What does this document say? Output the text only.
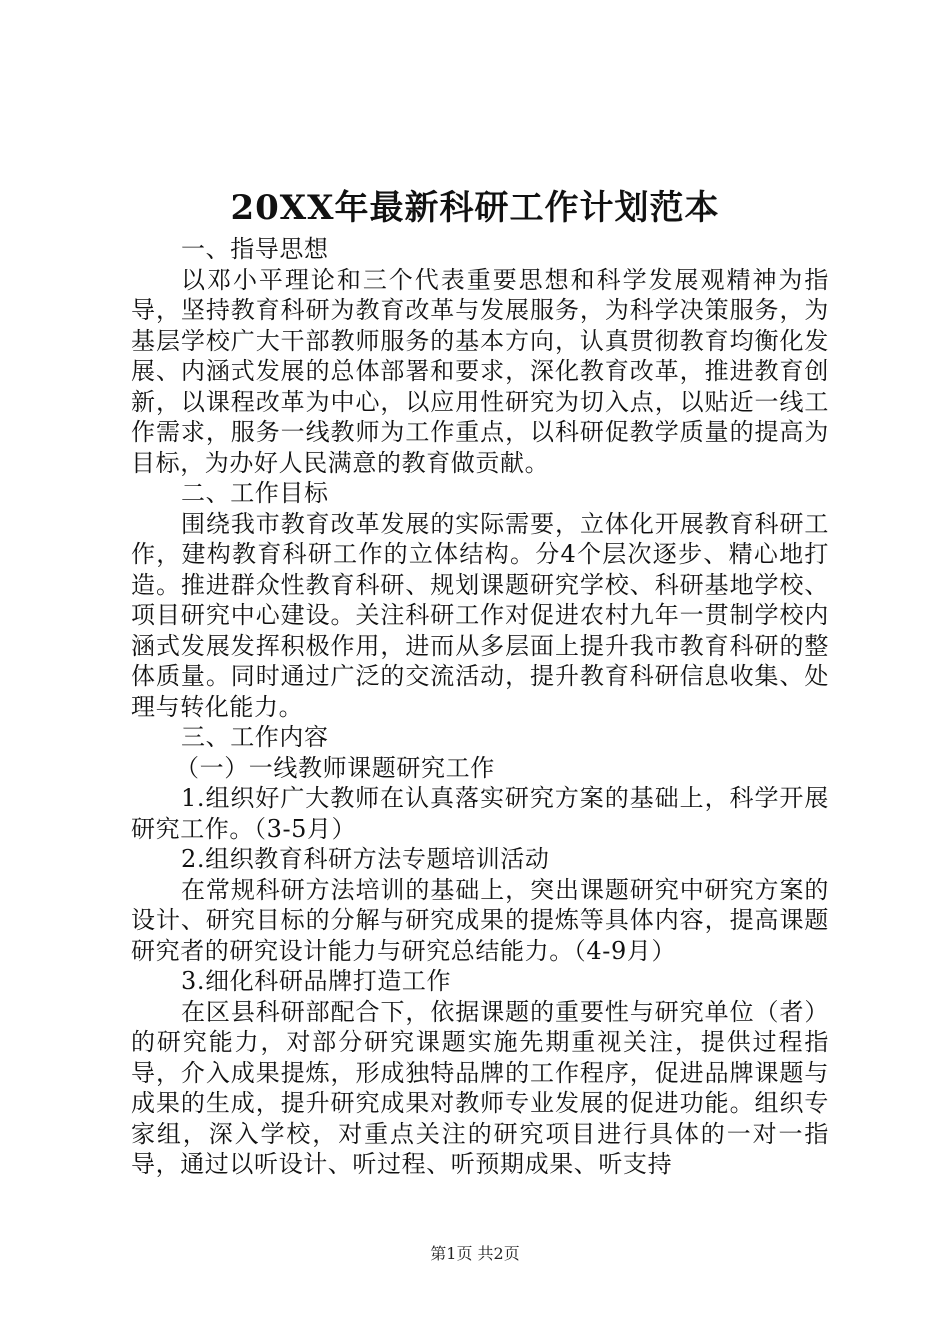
20XX年最新科研工作计划范本

一、指导思想

以邓小平理论和三个代表重要思想和科学发展观精神为指导，坚持教育科研为教育改革与发展服务，为科学决策服务，为基层学校广大干部教师服务的基本方向，认真贯彻教育均衡化发展、内涵式发展的总体部署和要求，深化教育改革，推进教育创新，以课程改革为中心，以应用性研究为切入点，以贴近一线工作需求，服务一线教师为工作重点，以科研促教学质量的提高为目标，为办好人民满意的教育做贡献。

二、工作目标

围绕我市教育改革发展的实际需要，立体化开展教育科研工作，建构教育科研工作的立体结构。分4个层次逐步、精心地打造。推进群众性教育科研、规划课题研究学校、科研基地学校、项目研究中心建设。关注科研工作对促进农村九年一贯制学校内涵式发展发挥积极作用，进而从多层面上提升我市教育科研的整体质量。同时通过广泛的交流活动，提升教育科研信息收集、处理与转化能力。

三、工作内容

（一）一线教师课题研究工作

1.组织好广大教师在认真落实研究方案的基础上，科学开展研究工作。（3-5月）

2.组织教育科研方法专题培训活动

在常规科研方法培训的基础上，突出课题研究中研究方案的设计、研究目标的分解与研究成果的提炼等具体内容，提高课题研究者的研究设计能力与研究总结能力。（4-9月）

3.细化科研品牌打造工作

在区县科研部配合下，依据课题的重要性与研究单位（者）的研究能力，对部分研究课题实施先期重视关注，提供过程指导，介入成果提炼，形成独特品牌的工作程序，促进品牌课题与成果的生成，提升研究成果对教师专业发展的促进功能。组织专家组，深入学校，对重点关注的研究项目进行具体的一对一指导，通过以听设计、听过程、听预期成果、听支持

第1页 共2页
